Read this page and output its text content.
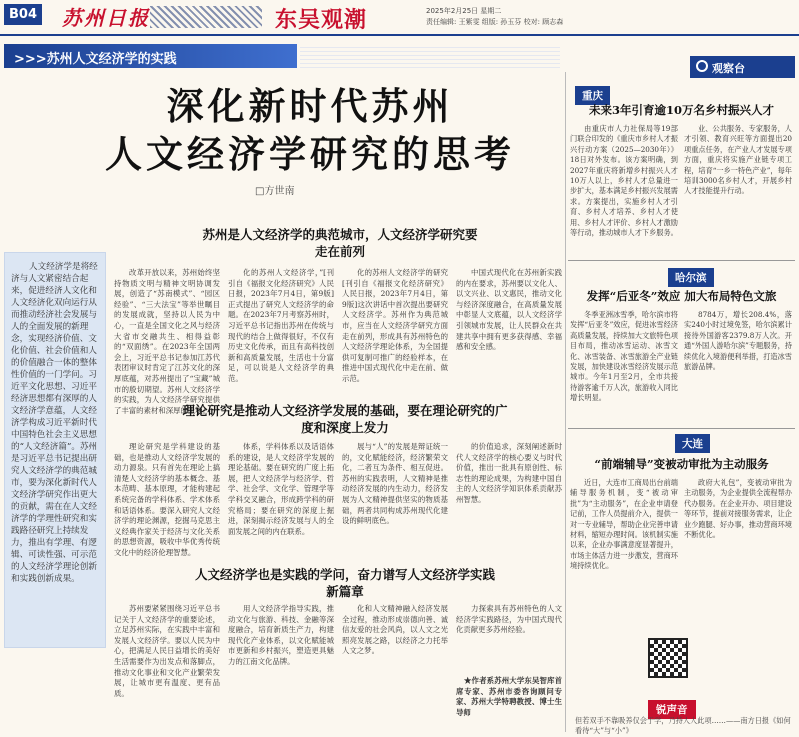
B04 苏州日报	东吴观潮	2025年2月25日 星期二
责任编辑: 王紫雯 组版: 孙玉芬 校对: 顾志森
>>>苏州人文经济学的实践
深化新时代苏州
人文经济学研究的思考
□方世南
人文经济学是将经济与人文紧密结合起来，促进经济人文化和人文经济化双向运行从而推动经济社会发展与人的全面发展的新理念，实现经济价值、文化价值、社会价值和人的价值融合一体的整体性价值的一门学问。习近平文化思想、习近平经济思想都有深厚的人文经济学意蕴，人文经济学构成习近平新时代中国特色社会主义思想的“人文经济篇”。苏州是习近平总书记提出研究人文经济学的典范城市，要为深化新时代人文经济学研究作出更大的贡献，需在在人文经济学的学理性研究和实践路径研究上持续发力，推出有学理、有逻辑、可读性强、可示范的人文经济学理论创新和实践创新成果。
苏州是人文经济学的典范城市，人文经济学研究要走在前列
改革开放以来，苏州始终坚持物质文明与精神文明协调发展，创造了“苏南模式”、“园区经验”、“三大法宝”等举世瞩目的发展成就，坚持以人民为中心，一直是全国文化之风与经济大省市交融共生、相得益彰的“双面绣”。在2023年全国两会上，习近平总书记参加江苏代表团审议时肯定了江苏文化的深厚底蕴，对苏州提出了“宝藏”城市的殷切期望。苏州人文经济学的实践，为人文经济学研究提供了丰富的素材和深厚的土壤。
化的苏州人文经济学，”[刊引自《福报文化经济研究》人民日报，2023年7月4日，第9版]正式提出了研究人文经济学的命题。在2023年7月考察苏州时，习近平总书记指出苏州在传统与现代的结合上做得很好，不仅有历史文化传承，而且有高科技创新和高质量发展，生活也十分富足，可以说是人文经济学的典范。
化的苏州人文经济学的研究[刊引自《福报文化经济研究》人民日报，2023年7月4日，第9版]这次讲话中首次提出要研究人文经济学。苏州作为典范城市，应当在人文经济学研究方面走在前列，形成具有苏州特色的人文经济学理论体系，为全国提供可复制可推广的经验样本，在推进中国式现代化中走在前、做示范。
中国式现代化在苏州新实践的内在要求，苏州要以文化人、以文兴业、以文惠民，推动文化与经济深度融合，在高质量发展中彰显人文底蕴，以人文经济学引领城市发展，让人民群众在共建共享中拥有更多获得感、幸福感和安全感。
理论研究是推动人文经济学发展的基础，要在理论研究的广度和深度上发力
理论研究是学科建设的基础，也是推动人文经济学发展的动力源泉。只有首先在理论上搞清楚人文经济学的基本概念、基本范畴、基本原理，才能构建起系统完备的学科体系、学术体系和话语体系。要深入研究人文经济学的理论渊源，挖掘马克思主义经典作家关于经济与文化关系的思想资源，吸收中华优秀传统文化中的经济伦理智慧。
体系，学科体系以及话语体系的建设，是人文经济学发展的理论基础。要在研究的广度上拓展，把人文经济学与经济学、哲学、社会学、文化学、管理学等学科交叉融合，形成跨学科的研究格局；要在研究的深度上掘进，深刻揭示经济发展与人的全面发展之间的内在联系。
展与“人”的发展是辩证统一的，文化赋能经济，经济繁荣文化，二者互为条件、相互促进。苏州的实践表明，人文精神是推动经济发展的内生动力，经济发展为人文精神提供坚实的物质基础，两者共同构成苏州现代化建设的鲜明底色。
的价值追求，深刻阐述新时代人文经济学的核心要义与时代价值，推出一批具有原创性、标志性的理论成果，为构建中国自主的人文经济学知识体系贡献苏州智慧。
人文经济学也是实践的学问，奋力谱写人文经济学实践新篇章
苏州要紧紧围绕习近平总书记关于人文经济学的重要论述，立足苏州实际，在实践中丰富和发展人文经济学。要以人民为中心，把满足人民日益增长的美好生活需要作为出发点和落脚点，推动文化事业和文化产业繁荣发展，让城市更有温度、更有品质。
用人文经济学指导实践，推动文化与旅游、科技、金融等深度融合，培育新质生产力，构建现代化产业体系，以文化赋能城市更新和乡村振兴，塑造更具魅力的江南文化品牌。
化和人文精神融入经济发展全过程，推动形成崇德向善、诚信友爱的社会风尚，以人文之光照亮发展之路，以经济之力托举人文之梦。
力探索具有苏州特色的人文经济学实践路径，为中国式现代化贡献更多苏州经验。
★作者系苏州大学东吴智库首席专家、苏州市委咨询顾问专家、苏州大学特聘教授、博士生导师
观察台
重庆
未来3年引育逾10万名乡村振兴人才
由重庆市人力社保局等19部门联合印发的《重庆市乡村人才振兴行动方案（2025—2030年）》18日对外发布。该方案明确，到2027年重庆将新增乡村振兴人才10万人以上，乡村人才总量进一步扩大，基本满足乡村振兴发展需求。方案提出，实施乡村人才引育、乡村人才培养、乡村人才使用、乡村人才评价、乡村人才激励等行动，推动城市人才下乡服务。
业、公共服务、专家服务，人才引领、教育兴旺等方面提出20项重点任务，在产业人才发展专项方面，重庆将实施产业链专项工程，培育“一乡一特色产业”，每年培训3000名乡村人才，开展乡村人才技能提升行动。
哈尔滨
发挥“后亚冬”效应 加大布局特色文旅
冬季亚洲冰雪季，哈尔滨市将发挥“后亚冬”效应，促进冰雪经济高质量发展，持续加大文旅特色项目布局，推动冰雪运动、冰雪文化、冰雪装备、冰雪旅游全产业链发展，加快建设冰雪经济发展示范城市。今年1月至2月，全市共接待游客逾千万人次，旅游收入同比增长明显。
8784万，增长208.4%，落实240小时过境免签，哈尔滨累计接待外国游客2379.8万人次。开通“外国人游哈尔滨”专题服务，持续优化入境游便利举措，打造冰雪旅游品牌。
大连
“前端辅导”变被动审批为主动服务
近日，大连市工商局出台前端辅导服务机制，变“被动审批”为“主动服务”，在企业申请登记前，工作人员提前介入，提供一对一专业辅导，帮助企业完善申请材料，缩短办理时间。该机制实施以来，企业办事满意度显著提升，市场主体活力进一步激发，营商环境持续优化。
政府大礼包”，变被动审批为主动服务，为企业提供全流程帮办代办服务。在企业开办、项目建设等环节，提前对接服务需求，让企业少跑腿、好办事，推动营商环境不断优化。
锐声音
但若双手不靠吸养仅会于学，乃持人人此项……——南方日报《如何看待“大”与“小”》
